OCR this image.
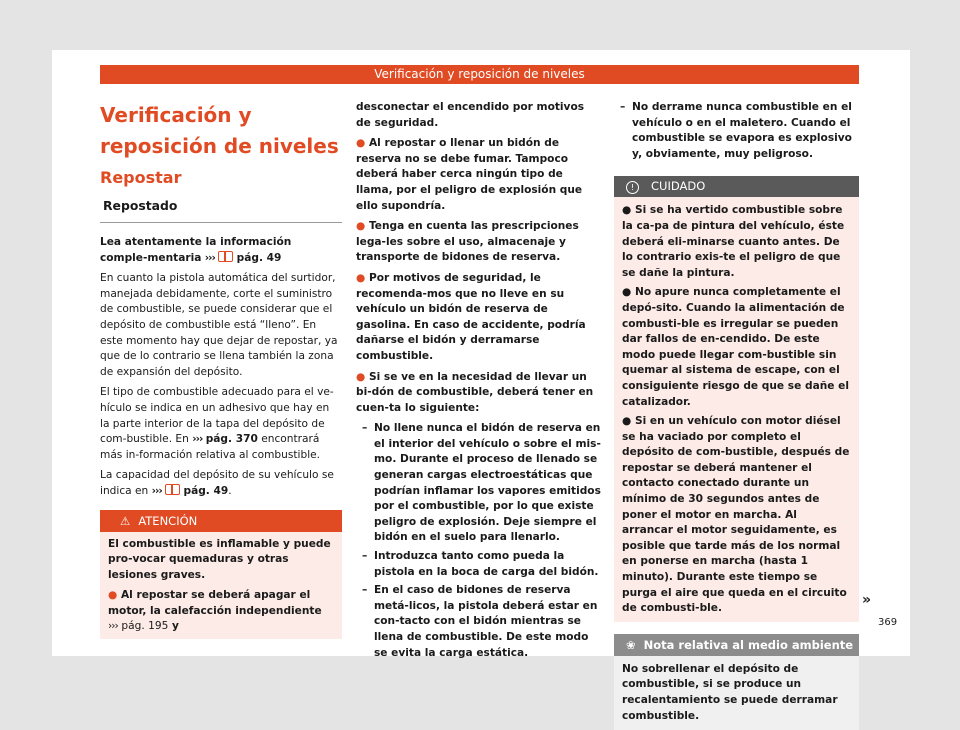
Verificación y reposición de niveles
Verificación y reposición de niveles
Repostar
Repostado

Lea atentamente la información comple-mentaria ››› pág. 49

En cuanto la pistola automática del surtidor, manejada debidamente, corte el suministro de combustible, se puede considerar que el depósito de combustible está “lleno”. En este momento hay que dejar de repostar, ya que de lo contrario se llena también la zona de expansión del depósito.

El tipo de combustible adecuado para el ve-hículo se indica en un adhesivo que hay en la parte interior de la tapa del depósito de com-bustible. En ››› pág. 370 encontrará más in-formación relativa al combustible.

La capacidad del depósito de su vehículo se indica en ››› pág. 49.

⚠ ATENCIÓN

El combustible es inflamable y puede pro-vocar quemaduras y otras lesiones graves.

● Al repostar se deberá apagar el motor, la calefacción independiente ››› pág. 195 y

desconectar el encendido por motivos de seguridad.

● Al repostar o llenar un bidón de reserva no se debe fumar. Tampoco deberá haber cerca ningún tipo de llama, por el peligro de explosión que ello supondría.

● Tenga en cuenta las prescripciones lega-les sobre el uso, almacenaje y transporte de bidones de reserva.

● Por motivos de seguridad, le recomenda-mos que no lleve en su vehículo un bidón de reserva de gasolina. En caso de accidente, podría dañarse el bidón y derramarse combustible.

● Si se ve en la necesidad de llevar un bi-dón de combustible, deberá tener en cuen-ta lo siguiente:

– No llene nunca el bidón de reserva en el interior del vehículo o sobre el mis-mo. Durante el proceso de llenado se generan cargas electroestáticas que podrían inflamar los vapores emitidos por el combustible, por lo que existe peligro de explosión. Deje siempre el bidón en el suelo para llenarlo.
– Introduzca tanto como pueda la pistola en la boca de carga del bidón.
– En el caso de bidones de reserva metá-licos, la pistola deberá estar en con-tacto con el bidón mientras se llena de combustible. De este modo se evita la carga estática.
– No derrame nunca combustible en el vehículo o en el maletero. Cuando el combustible se evapora es explosivo y, obviamente, muy peligroso.
! CUIDADO

● Si se ha vertido combustible sobre la ca-pa de pintura del vehículo, éste deberá eli-minarse cuanto antes. De lo contrario exis-te el peligro de que se dañe la pintura.

● No apure nunca completamente el depó-sito. Cuando la alimentación de combusti-ble es irregular se pueden dar fallos de en-cendido. De este modo puede llegar com-bustible sin quemar al sistema de escape, con el consiguiente riesgo de que se dañe el catalizador.

● Si en un vehículo con motor diésel se ha vaciado por completo el depósito de com-bustible, después de repostar se deberá mantener el contacto conectado durante un mínimo de 30 segundos antes de poner el motor en marcha. Al arrancar el motor seguidamente, es posible que tarde más de los normal en ponerse en marcha (hasta 1 minuto). Durante este tiempo se purga el aire que queda en el circuito de combusti-ble.

❀ Nota relativa al medio ambiente
No sobrellenar el depósito de combustible, si se produce un recalentamiento se puede derramar combustible.
»
369
